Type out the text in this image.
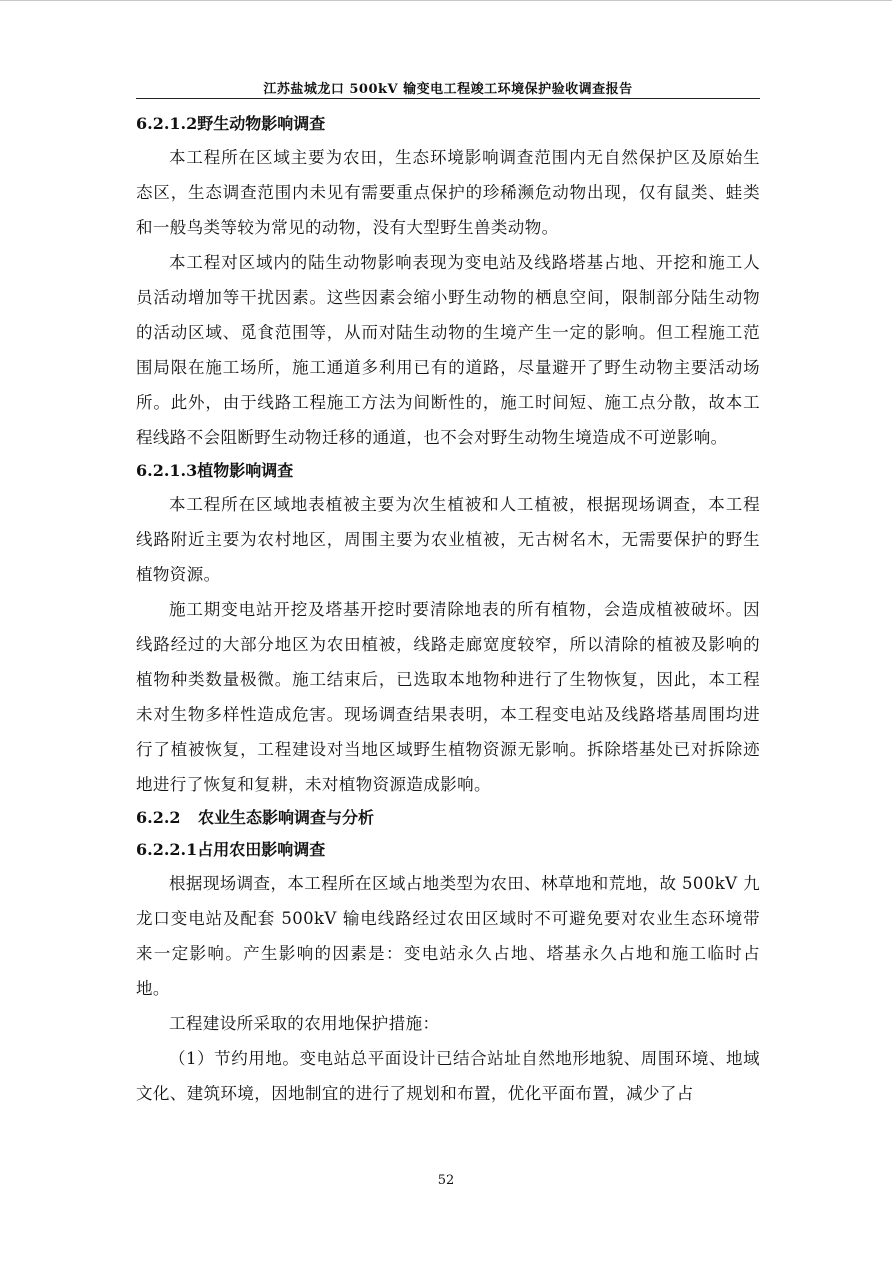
江苏盐城龙口 500kV 输变电工程竣工环境保护验收调查报告
6.2.1.2野生动物影响调查

本工程所在区域主要为农田，生态环境影响调查范围内无自然保护区及原始生态区，生态调查范围内未见有需要重点保护的珍稀濒危动物出现，仅有鼠类、蛙类和一般鸟类等较为常见的动物，没有大型野生兽类动物。

本工程对区域内的陆生动物影响表现为变电站及线路塔基占地、开挖和施工人员活动增加等干扰因素。这些因素会缩小野生动物的栖息空间，限制部分陆生动物的活动区域、觅食范围等，从而对陆生动物的生境产生一定的影响。但工程施工范围局限在施工场所，施工通道多利用已有的道路，尽量避开了野生动物主要活动场所。此外，由于线路工程施工方法为间断性的，施工时间短、施工点分散，故本工程线路不会阻断野生动物迁移的通道，也不会对野生动物生境造成不可逆影响。

6.2.1.3植物影响调查

本工程所在区域地表植被主要为次生植被和人工植被，根据现场调查，本工程线路附近主要为农村地区，周围主要为农业植被，无古树名木，无需要保护的野生植物资源。

施工期变电站开挖及塔基开挖时要清除地表的所有植物，会造成植被破坏。因线路经过的大部分地区为农田植被，线路走廊宽度较窄，所以清除的植被及影响的植物种类数量极微。施工结束后，已选取本地物种进行了生物恢复，因此，本工程未对生物多样性造成危害。现场调查结果表明，本工程变电站及线路塔基周围均进行了植被恢复，工程建设对当地区域野生植物资源无影响。拆除塔基处已对拆除迹地进行了恢复和复耕，未对植物资源造成影响。

6.2.2 农业生态影响调查与分析
6.2.2.1占用农田影响调查

根据现场调查，本工程所在区域占地类型为农田、林草地和荒地，故 500kV 九龙口变电站及配套 500kV 输电线路经过农田区域时不可避免要对农业生态环境带来一定影响。产生影响的因素是：变电站永久占地、塔基永久占地和施工临时占地。

工程建设所采取的农用地保护措施：

（1）节约用地。变电站总平面设计已结合站址自然地形地貌、周围环境、地域文化、建筑环境，因地制宜的进行了规划和布置，优化平面布置，减少了占

52
